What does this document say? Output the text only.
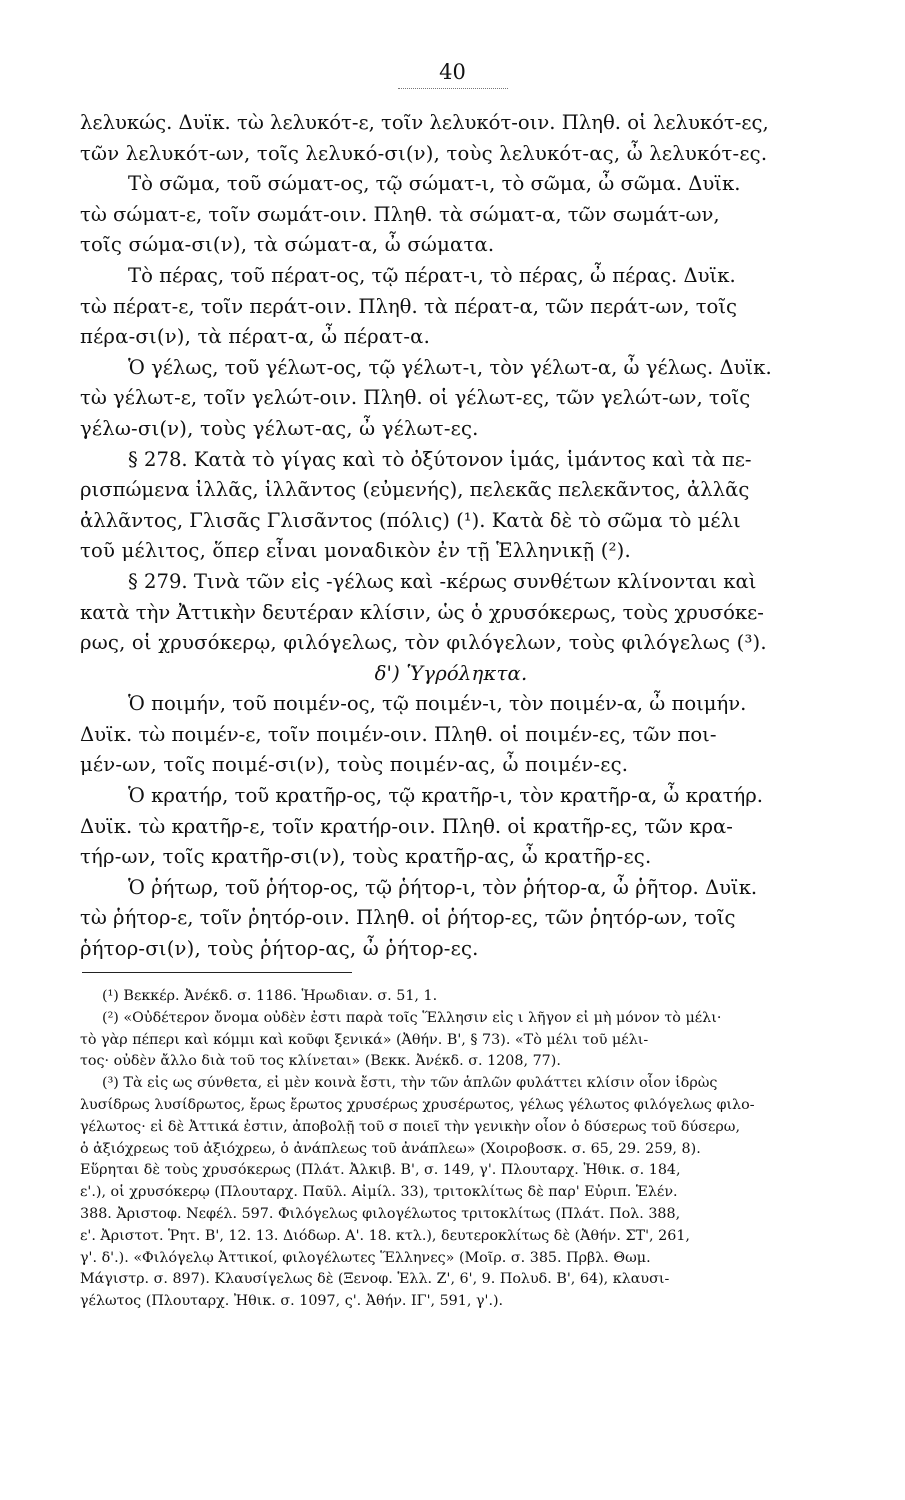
40
λελυκώς. Δυϊκ. τὼ λελυκότ-ε, τοῖν λελυκότ-οιν. Πληθ. οἱ λελυκότ-ες,
τῶν λελυκότ-ων, τοῖς λελυκό-σι(ν), τοὺς λελυκότ-ας, ὦ λελυκότ-ες.
Τὸ σῶμα, τοῦ σώματ-ος, τῷ σώματ-ι, τὸ σῶμα, ὦ σῶμα. Δυϊκ.
τὼ σώματ-ε, τοῖν σωμάτ-οιν. Πληθ. τὰ σώματ-α, τῶν σωμάτ-ων,
τοῖς σώμα-σι(ν), τὰ σώματ-α, ὦ σώματα.
Τὸ πέρας, τοῦ πέρατ-ος, τῷ πέρατ-ι, τὸ πέρας, ὦ πέρας. Δυϊκ.
τὼ πέρατ-ε, τοῖν περάτ-οιν. Πληθ. τὰ πέρατ-α, τῶν περάτ-ων, τοῖς
πέρα-σι(ν), τὰ πέρατ-α, ὦ πέρατ-α.
Ὁ γέλως, τοῦ γέλωτ-ος, τῷ γέλωτ-ι, τὸν γέλωτ-α, ὦ γέλως. Δυϊκ.
τὼ γέλωτ-ε, τοῖν γελώτ-οιν. Πληθ. οἱ γέλωτ-ες, τῶν γελώτ-ων, τοῖς
γέλω-σι(ν), τοὺς γέλωτ-ας, ὦ γέλωτ-ες.
§ 278. Κατὰ τὸ γίγας καὶ τὸ ὀξύτονον ἱμάς, ἱμάντος καὶ τὰ πε-
ρισπώμενα ἱλλᾶς, ἱλλᾶντος (εὐμενής), πελεκᾶς πελεκᾶντος, ἀλλᾶς
ἀλλᾶντος, Γλισᾶς Γλισᾶντος (πόλις) (¹). Κατὰ δὲ τὸ σῶμα τὸ μέλι
τοῦ μέλιτος, ὅπερ εἶναι μοναδικὸν ἐν τῇ Ἑλληνικῇ (²).
§ 279. Τινὰ τῶν εἰς -γέλως καὶ -κέρως συνθέτων κλίνονται καὶ
κατὰ τὴν Ἀττικὴν δευτέραν κλίσιν, ὡς ὁ χρυσόκερως, τοὺς χρυσόκε-
ρως, οἱ χρυσόκερῳ, φιλόγελως, τὸν φιλόγελων, τοὺς φιλόγελως (³).
δ') Ὑγρόληκτα.
Ὁ ποιμήν, τοῦ ποιμέν-ος, τῷ ποιμέν-ι, τὸν ποιμέν-α, ὦ ποιμήν.
Δυϊκ. τὼ ποιμέν-ε, τοῖν ποιμέν-οιν. Πληθ. οἱ ποιμέν-ες, τῶν ποι-
μέν-ων, τοῖς ποιμέ-σι(ν), τοὺς ποιμέν-ας, ὦ ποιμέν-ες.
Ὁ κρατήρ, τοῦ κρατῆρ-ος, τῷ κρατῆρ-ι, τὸν κρατῆρ-α, ὦ κρατήρ.
Δυϊκ. τὼ κρατῆρ-ε, τοῖν κρατήρ-οιν. Πληθ. οἱ κρατῆρ-ες, τῶν κρα-
τήρ-ων, τοῖς κρατῆρ-σι(ν), τοὺς κρατῆρ-ας, ὦ κρατῆρ-ες.
Ὁ ῥήτωρ, τοῦ ῥήτορ-ος, τῷ ῥήτορ-ι, τὸν ῥήτορ-α, ὦ ῥῆτορ. Δυϊκ.
τὼ ῥήτορ-ε, τοῖν ῥητόρ-οιν. Πληθ. οἱ ῥήτορ-ες, τῶν ῥητόρ-ων, τοῖς
ῥήτορ-σι(ν), τοὺς ῥήτορ-ας, ὦ ῥήτορ-ες.
(¹) Βεκκέρ. Ἀνέκδ. σ. 1186. Ἡρωδιαν. σ. 51, 1.
(²) «Οὐδέτερον ὄνομα οὐδὲν ἐστι παρὰ τοῖς Ἕλλησιν εἰς ι λῆγον εἰ μὴ μόνον τὸ μέλι·
τὸ γὰρ πέπερι καὶ κόμμι καὶ κοῦφι ξενικά» (Ἀθήν. Β', § 73). «Τὸ μέλι τοῦ μέλι-
τος· οὐδὲν ἄλλο διὰ τοῦ τος κλίνεται» (Βεκκ. Ἀνέκδ. σ. 1208, 77).
(³) Τὰ εἰς ως σύνθετα, εἰ μὲν κοινὰ ἔστι, τὴν τῶν ἁπλῶν φυλάττει κλίσιν οἷον ἱδρὼς
λυσίδρως λυσίδρωτος, ἔρως ἔρωτος χρυσέρως χρυσέρωτος, γέλως γέλωτος φιλόγελως φιλο-
γέλωτος· εἰ δὲ Ἀττικά ἐστιν, ἀποβολῇ τοῦ σ ποιεῖ τὴν γενικὴν οἷον ὁ δύσερως τοῦ δύσερω,
ὁ ἀξιόχρεως τοῦ ἀξιόχρεω, ὁ ἀνάπλεως τοῦ ἀνάπλεω» (Χοιροβοσκ. σ. 65, 29. 259, 8).
Εὕρηται δὲ τοὺς χρυσόκερως (Πλάτ. Ἀλκιβ. Β', σ. 149, γ'. Πλουταρχ. Ἠθικ. σ. 184,
ε'.), οἱ χρυσόκερῳ (Πλουταρχ. Παῦλ. Αἰμίλ. 33), τριτοκλίτως δὲ παρ' Εὐριπ. Ἑλέν.
388. Ἀριστοφ. Νεφέλ. 597. Φιλόγελως φιλογέλωτος τριτοκλίτως (Πλάτ. Πολ. 388,
ε'. Ἀριστοτ. Ῥητ. Β', 12. 13. Διόδωρ. Α'. 18. κτλ.), δευτεροκλίτως δὲ (Ἀθήν. ΣΤ', 261,
γ'. δ'.). «Φιλόγελῳ Ἀττικοί, φιλογέλωτες Ἕλληνες» (Μοῖρ. σ. 385. Πρβλ. Θωμ.
Μάγιστρ. σ. 897). Κλαυσίγελως δὲ (Ξενοφ. Ἑλλ. Ζ', 6', 9. Πολυδ. Β', 64), κλαυσι-
γέλωτος (Πλουταρχ. Ἠθικ. σ. 1097, ς'. Ἀθήν. ΙΓ', 591, γ'.).
